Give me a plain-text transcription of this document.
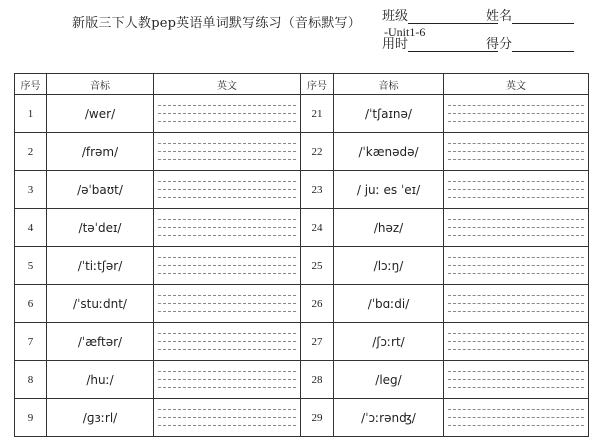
新版三下人教pep英语单词默写练习（音标默写）
-Unit1-6
班级	姓名
用时	得分
序号	音标	英文	序号	音标	英文
1	/wer/		21	/ˈtʃaɪnə/	

2	/frəm/		22	/ˈkænədə/	

3	/əˈbaʊt/		23	/ juː es ˈeɪ/	

4	/təˈdeɪ/		24	/həz/	

5	/ˈtiːtʃər/		25	/lɔːŋ/	

6	/ˈstuːdnt/		26	/ˈbɑːdi/	

7	/ˈæftər/		27	/ʃɔːrt/	

8	/huː/		28	/leg/	

9	/ɡɜːrl/		29	/ˈɔːrənʤ/	
